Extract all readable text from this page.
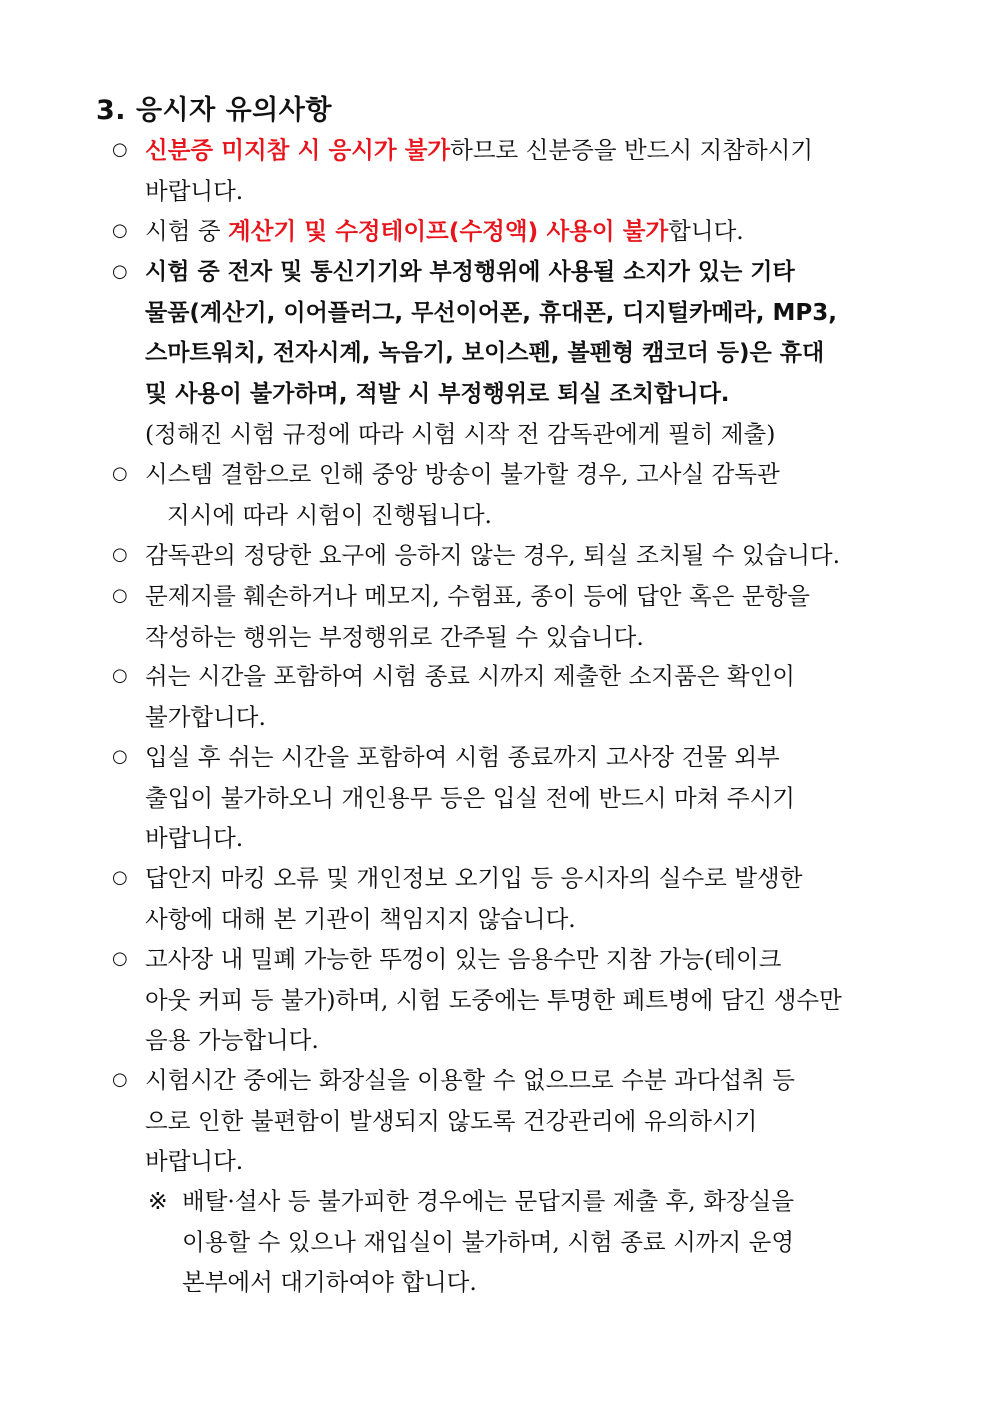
3. 응시자 유의사항
○ 신분증 미지참 시 응시가 불가하므로 신분증을 반드시 지참하시기
바랍니다.
○ 시험 중 계산기 및 수정테이프(수정액) 사용이 불가합니다.
○ 시험 중 전자 및 통신기기와 부정행위에 사용될 소지가 있는 기타
물품(계산기, 이어플러그, 무선이어폰, 휴대폰, 디지털카메라, MP3,
스마트워치, 전자시계, 녹음기, 보이스펜, 볼펜형 캠코더 등)은 휴대
및 사용이 불가하며, 적발 시 부정행위로 퇴실 조치합니다.
(정해진 시험 규정에 따라 시험 시작 전 감독관에게 필히 제출)
○ 시스템 결함으로 인해 중앙 방송이 불가할 경우, 고사실 감독관
지시에 따라 시험이 진행됩니다.
○ 감독관의 정당한 요구에 응하지 않는 경우, 퇴실 조치될 수 있습니다.
○ 문제지를 훼손하거나 메모지, 수험표, 종이 등에 답안 혹은 문항을
작성하는 행위는 부정행위로 간주될 수 있습니다.
○ 쉬는 시간을 포함하여 시험 종료 시까지 제출한 소지품은 확인이
불가합니다.
○ 입실 후 쉬는 시간을 포함하여 시험 종료까지 고사장 건물 외부
출입이 불가하오니 개인용무 등은 입실 전에 반드시 마쳐 주시기
바랍니다.
○ 답안지 마킹 오류 및 개인정보 오기입 등 응시자의 실수로 발생한
사항에 대해 본 기관이 책임지지 않습니다.
○ 고사장 내 밀폐 가능한 뚜껑이 있는 음용수만 지참 가능(테이크
아웃 커피 등 불가)하며, 시험 도중에는 투명한 페트병에 담긴 생수만
음용 가능합니다.
○ 시험시간 중에는 화장실을 이용할 수 없으므로 수분 과다섭취 등
으로 인한 불편함이 발생되지 않도록 건강관리에 유의하시기
바랍니다.
※ 배탈·설사 등 불가피한 경우에는 문답지를 제출 후, 화장실을
이용할 수 있으나 재입실이 불가하며, 시험 종료 시까지 운영
본부에서 대기하여야 합니다.
